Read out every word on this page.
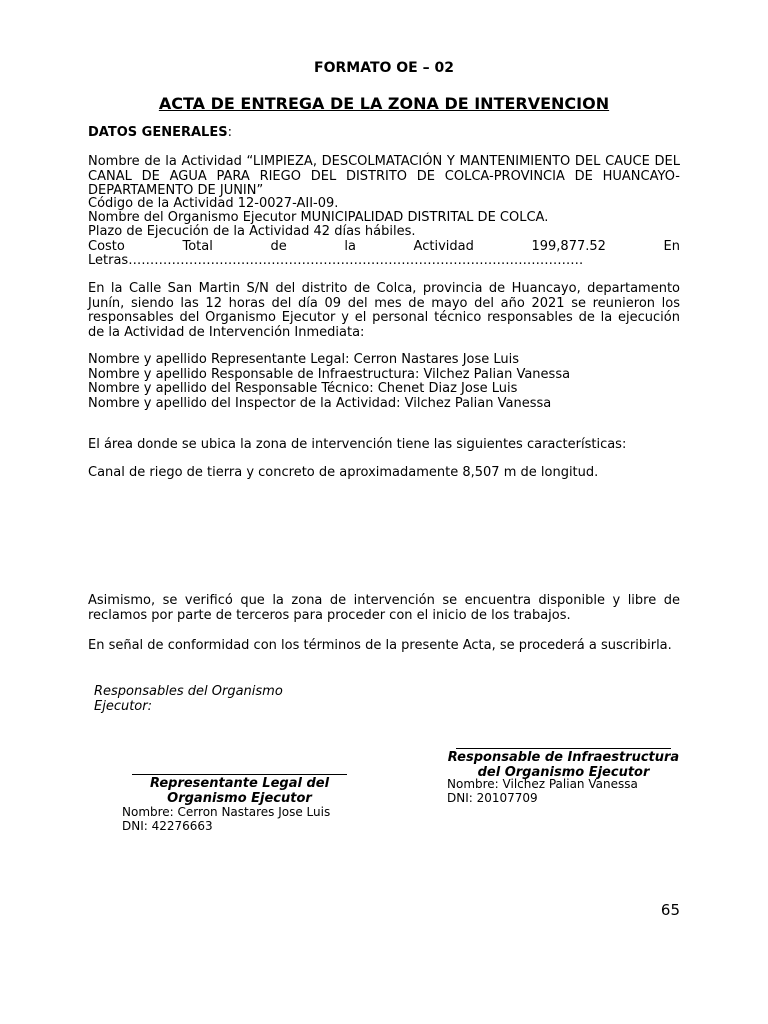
FORMATO OE – 02
ACTA DE ENTREGA DE LA ZONA DE INTERVENCION
DATOS GENERALES:
Nombre de la Actividad “LIMPIEZA, DESCOLMATACIÓN Y MANTENIMIENTO DEL CAUCE DEL CANAL DE AGUA PARA RIEGO DEL DISTRITO DE COLCA-PROVINCIA DE HUANCAYO-DEPARTAMENTO DE JUNIN”
Código de la Actividad 12-0027-AII-09.
Nombre del Organismo Ejecutor MUNICIPALIDAD DISTRITAL DE COLCA.
Plazo de Ejecución de la Actividad 42 días hábiles.
Costo Total de la Actividad 199,877.52 En
Letras……………………………………………………………………………………………
En la Calle San Martin S/N del distrito de Colca, provincia de Huancayo, departamento Junín, siendo las 12 horas del día 09 del mes de mayo del año 2021 se reunieron los responsables del Organismo Ejecutor y el personal técnico responsables de la ejecución de la Actividad de Intervención Inmediata:
Nombre y apellido Representante Legal: Cerron Nastares Jose Luis
Nombre y apellido Responsable de Infraestructura: Vilchez Palian Vanessa
Nombre y apellido del Responsable Técnico: Chenet Diaz Jose Luis
Nombre y apellido del Inspector de la Actividad: Vilchez Palian Vanessa
El área donde se ubica la zona de intervención tiene las siguientes características:
Canal de riego de tierra y concreto de aproximadamente 8,507 m de longitud.
Asimismo, se verificó que la zona de intervención se encuentra disponible y libre de reclamos por parte de terceros para proceder con el inicio de los trabajos.
En señal de conformidad con los términos de la presente Acta, se procederá a suscribirla.
Responsables del Organismo Ejecutor:
Responsable de Infraestructura del Organismo Ejecutor
Nombre: Vilchez Palian Vanessa
DNI: 20107709
Representante Legal del Organismo Ejecutor
Nombre: Cerron Nastares Jose Luis
DNI: 42276663
65
